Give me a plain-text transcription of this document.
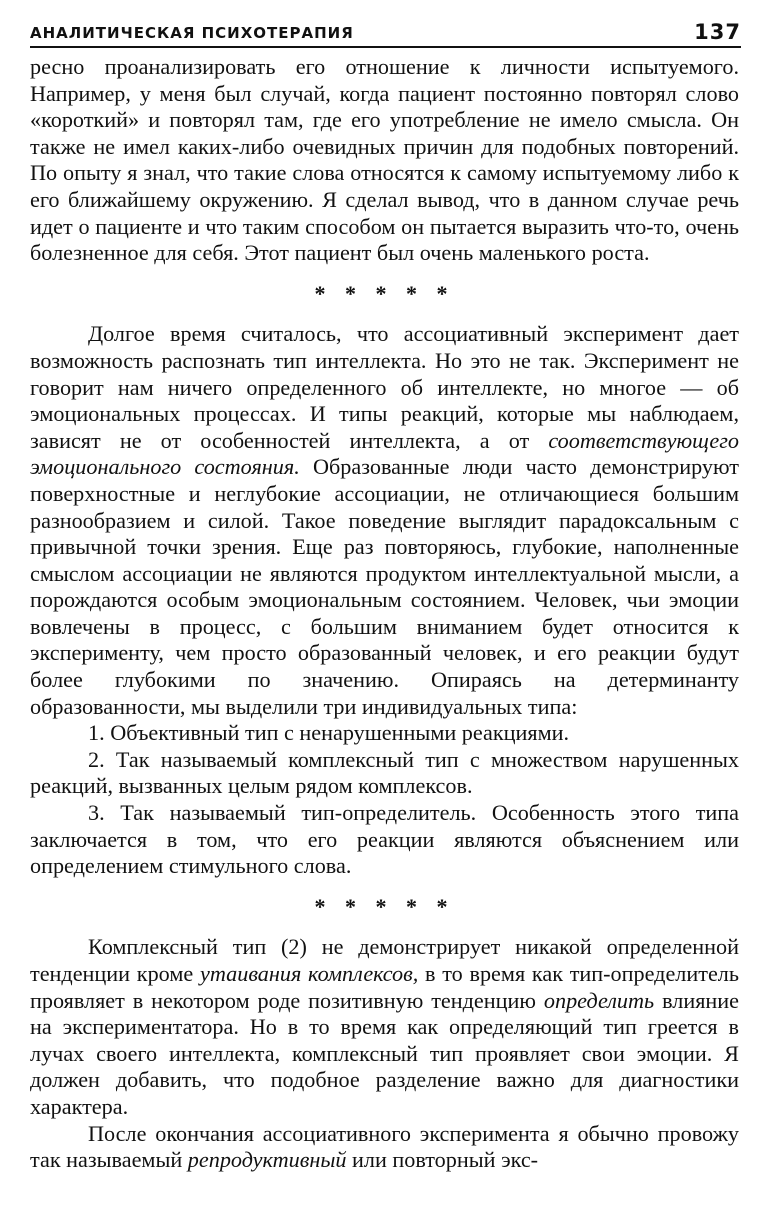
АНАЛИТИЧЕСКАЯ ПСИХОТЕРАПИЯ	137

ресно проанализировать его отношение к личности испытуемого. Например, у меня был случай, когда пациент постоянно повторял слово «короткий» и повторял там, где его употребление не имело смысла. Он также не имел каких-либо очевидных причин для подобных повторений. По опыту я знал, что такие слова относятся к самому испытуемому либо к его ближайшему окружению. Я сделал вывод, что в данном случае речь идет о пациенте и что таким способом он пытается выразить что-то, очень болезненное для себя. Этот пациент был очень маленького роста.

* * * * *

Долгое время считалось, что ассоциативный эксперимент дает возможность распознать тип интеллекта. Но это не так. Эксперимент не говорит нам ничего определенного об интеллекте, но многое — об эмоциональных процессах. И типы реакций, которые мы наблюдаем, зависят не от особенностей интеллекта, а от соответствующего эмоционального состояния. Образованные люди часто демонстрируют поверхностные и неглубокие ассоциации, не отличающиеся большим разнообразием и силой. Такое поведение выглядит парадоксальным с привычной точки зрения. Еще раз повторяюсь, глубокие, наполненные смыслом ассоциации не являются продуктом интеллектуальной мысли, а порождаются особым эмоциональным состоянием. Человек, чьи эмоции вовлечены в процесс, с большим вниманием будет относится к эксперименту, чем просто образованный человек, и его реакции будут более глубокими по значению. Опираясь на детерминанту образованности, мы выделили три индивидуальных типа:

1. Объективный тип с ненарушенными реакциями.

2. Так называемый комплексный тип с множеством нарушенных реакций, вызванных целым рядом комплексов.

3. Так называемый тип-определитель. Особенность этого типа заключается в том, что его реакции являются объяснением или определением стимульного слова.

* * * * *

Комплексный тип (2) не демонстрирует никакой определенной тенденции кроме утаивания комплексов, в то время как тип-определитель проявляет в некотором роде позитивную тенденцию определить влияние на экспериментатора. Но в то время как определяющий тип греется в лучах своего интеллекта, комплексный тип проявляет свои эмоции. Я должен добавить, что подобное разделение важно для диагностики характера.

После окончания ассоциативного эксперимента я обычно провожу так называемый репродуктивный или повторный экс-
